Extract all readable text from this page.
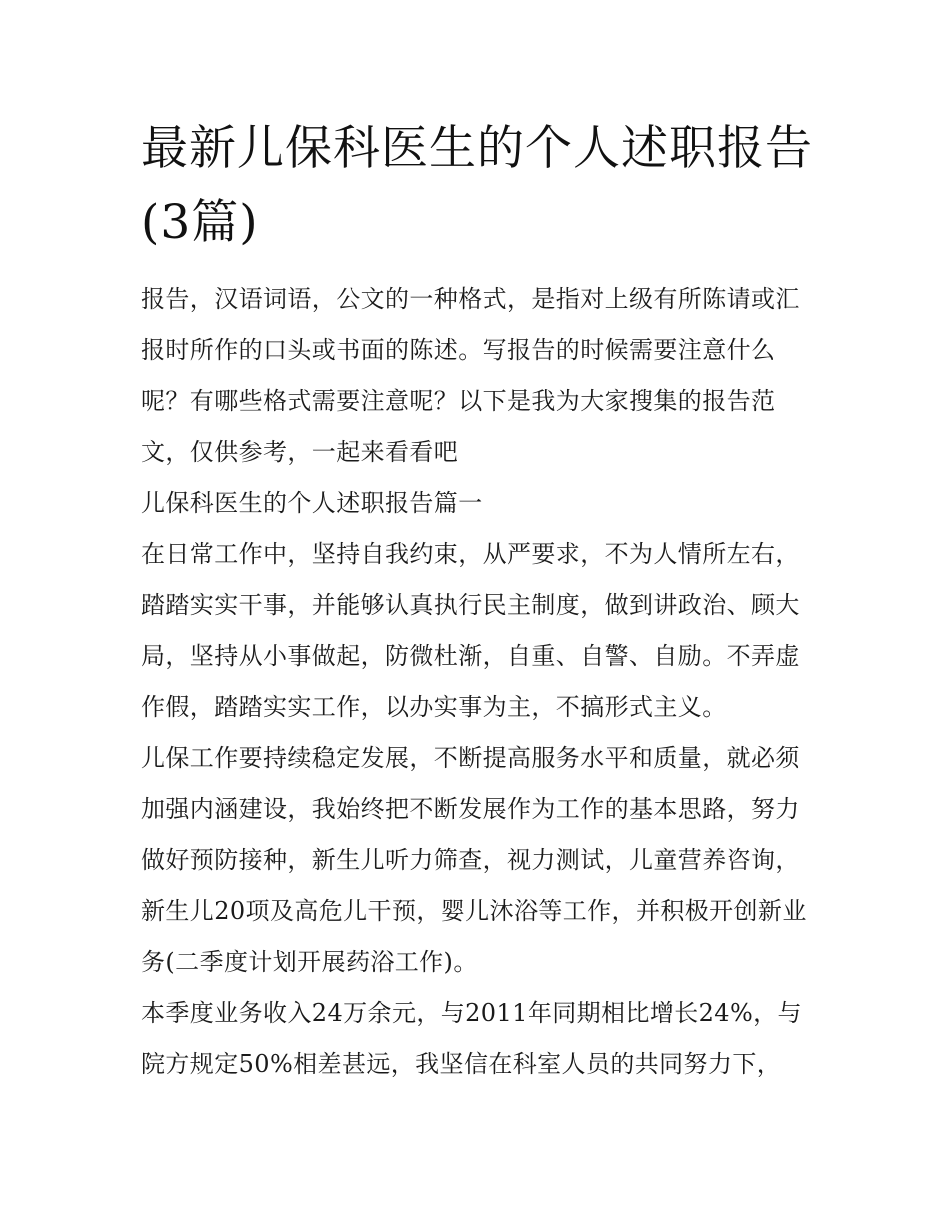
最新儿保科医生的个人述职报告(3篇)

报告，汉语词语，公文的一种格式，是指对上级有所陈请或汇报时所作的口头或书面的陈述。写报告的时候需要注意什么呢？有哪些格式需要注意呢？以下是我为大家搜集的报告范文，仅供参考，一起来看看吧

儿保科医生的个人述职报告篇一

在日常工作中，坚持自我约束，从严要求，不为人情所左右，踏踏实实干事，并能够认真执行民主制度，做到讲政治、顾大局，坚持从小事做起，防微杜渐，自重、自警、自励。不弄虚作假，踏踏实实工作，以办实事为主，不搞形式主义。

儿保工作要持续稳定发展，不断提高服务水平和质量，就必须加强内涵建设，我始终把不断发展作为工作的基本思路，努力做好预防接种，新生儿听力筛查，视力测试，儿童营养咨询，新生儿20项及高危儿干预，婴儿沐浴等工作，并积极开创新业务(二季度计划开展药浴工作)。

本季度业务收入24万余元，与2011年同期相比增长24%，与院方规定50%相差甚远，我坚信在科室人员的共同努力下，
